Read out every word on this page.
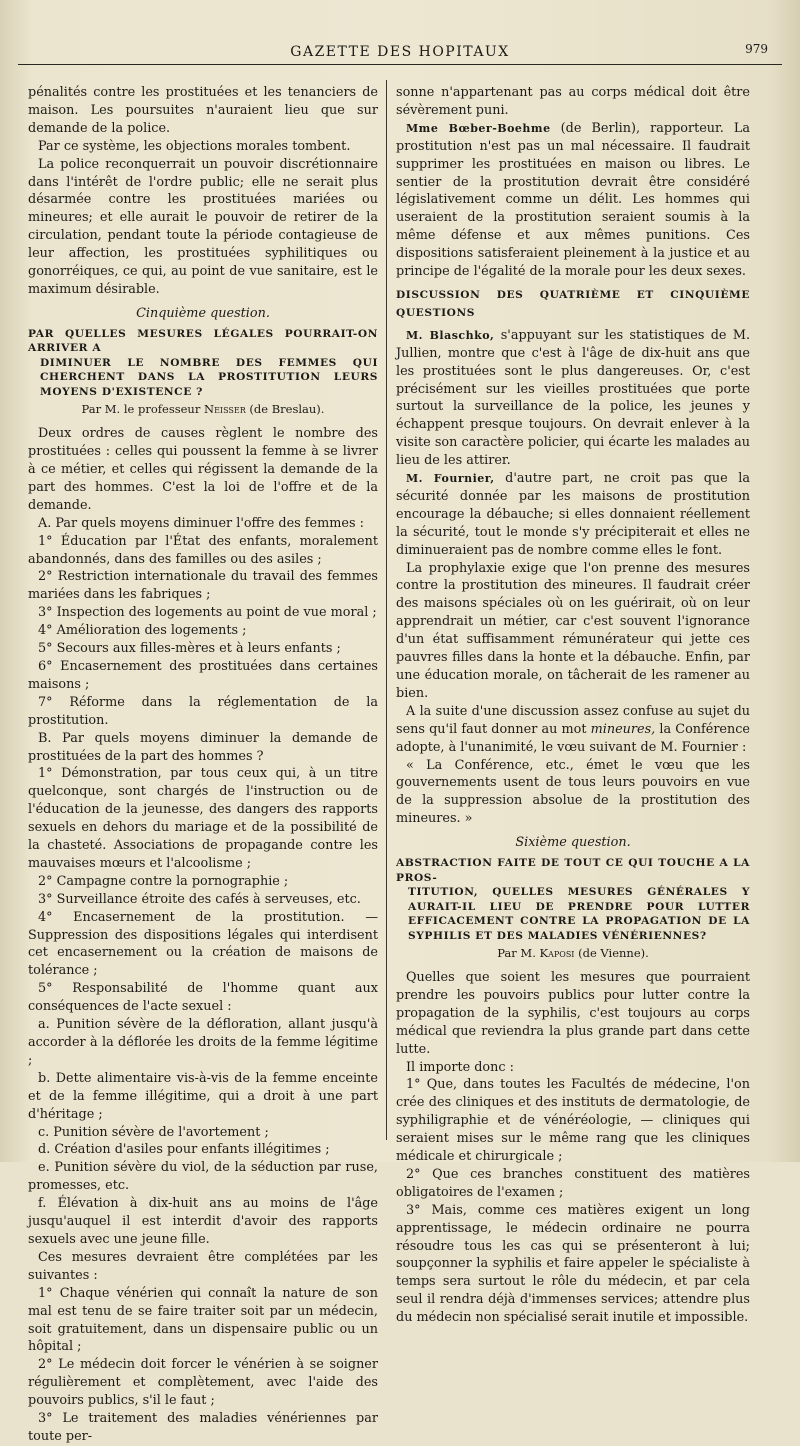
GAZETTE DES HOPITAUX	979

pénalités contre les prostituées et les tenanciers de maison. Les poursuites n'auraient lieu que sur demande de la police.

Par ce système, les objections morales tombent.

La police reconquerrait un pouvoir discrétionnaire dans l'intérêt de l'ordre public; elle ne serait plus désarmée contre les prostituées mariées ou mineures; et elle aurait le pouvoir de retirer de la circulation, pendant toute la période contagieuse de leur affection, les prostituées syphilitiques ou gonorréiques, ce qui, au point de vue sanitaire, est le maximum désirable.

Cinquième question.
PAR QUELLES MESURES LÉGALES POURRAIT-ON ARRIVER A
DIMINUER LE NOMBRE DES FEMMES QUI CHERCHENT DANS LA PROSTITUTION LEURS MOYENS D'EXISTENCE ?
Par M. le professeur Neisser (de Breslau).

Deux ordres de causes règlent le nombre des prostituées : celles qui poussent la femme à se livrer à ce métier, et celles qui régissent la demande de la part des hommes. C'est la loi de l'offre et de la demande.

A. Par quels moyens diminuer l'offre des femmes :

1° Éducation par l'État des enfants, moralement abandonnés, dans des familles ou des asiles ;

2° Restriction internationale du travail des femmes mariées dans les fabriques ;

3° Inspection des logements au point de vue moral ;

4° Amélioration des logements ;

5° Secours aux filles-mères et à leurs enfants ;

6° Encasernement des prostituées dans certaines maisons ;

7° Réforme dans la réglementation de la prostitution.

B. Par quels moyens diminuer la demande de prostituées de la part des hommes ?

1° Démonstration, par tous ceux qui, à un titre quelconque, sont chargés de l'instruction ou de l'éducation de la jeunesse, des dangers des rapports sexuels en dehors du mariage et de la possibilité de la chasteté. Associations de propagande contre les mauvaises mœurs et l'alcoolisme ;

2° Campagne contre la pornographie ;

3° Surveillance étroite des cafés à serveuses, etc.

4° Encasernement de la prostitution. — Suppression des dispositions légales qui interdisent cet encasernement ou la création de maisons de tolérance ;

5° Responsabilité de l'homme quant aux conséquences de l'acte sexuel :

a. Punition sévère de la défloration, allant jusqu'à accorder à la déflorée les droits de la femme légitime ;

b. Dette alimentaire vis-à-vis de la femme enceinte et de la femme illégitime, qui a droit à une part d'héritage ;

c. Punition sévère de l'avortement ;

d. Création d'asiles pour enfants illégitimes ;

e. Punition sévère du viol, de la séduction par ruse, promesses, etc.

f. Élévation à dix-huit ans au moins de l'âge jusqu'auquel il est interdit d'avoir des rapports sexuels avec une jeune fille.

Ces mesures devraient être complétées par les suivantes :

1° Chaque vénérien qui connaît la nature de son mal est tenu de se faire traiter soit par un médecin, soit gratuitement, dans un dispensaire public ou un hôpital ;

2° Le médecin doit forcer le vénérien à se soigner régulièrement et complètement, avec l'aide des pouvoirs publics, s'il le faut ;

3° Le traitement des maladies vénériennes par toute per-

sonne n'appartenant pas au corps médical doit être sévèrement puni.

Mme Bœber-Boehme (de Berlin), rapporteur. La prostitution n'est pas un mal nécessaire. Il faudrait supprimer les prostituées en maison ou libres. Le sentier de la prostitution devrait être considéré législativement comme un délit. Les hommes qui useraient de la prostitution seraient soumis à la même défense et aux mêmes punitions. Ces dispositions satisferaient pleinement à la justice et au principe de l'égalité de la morale pour les deux sexes.

DISCUSSION DES QUATRIÈME ET CINQUIÈME QUESTIONS

M. Blaschko, s'appuyant sur les statistiques de M. Jullien, montre que c'est à l'âge de dix-huit ans que les prostituées sont le plus dangereuses. Or, c'est précisément sur les vieilles prostituées que porte surtout la surveillance de la police, les jeunes y échappent presque toujours. On devrait enlever à la visite son caractère policier, qui écarte les malades au lieu de les attirer.

M. Fournier, d'autre part, ne croit pas que la sécurité donnée par les maisons de prostitution encourage la débauche; si elles donnaient réellement la sécurité, tout le monde s'y précipiterait et elles ne diminueraient pas de nombre comme elles le font.

La prophylaxie exige que l'on prenne des mesures contre la prostitution des mineures. Il faudrait créer des maisons spéciales où on les guérirait, où on leur apprendrait un métier, car c'est souvent l'ignorance d'un état suffisamment rémunérateur qui jette ces pauvres filles dans la honte et la débauche. Enfin, par une éducation morale, on tâcherait de les ramener au bien.

A la suite d'une discussion assez confuse au sujet du sens qu'il faut donner au mot mineures, la Conférence adopte, à l'unanimité, le vœu suivant de M. Fournier :

« La Conférence, etc., émet le vœu que les gouvernements usent de tous leurs pouvoirs en vue de la suppression absolue de la prostitution des mineures. »

Sixième question.
ABSTRACTION FAITE DE TOUT CE QUI TOUCHE A LA PROS-
TITUTION, QUELLES MESURES GÉNÉRALES Y AURAIT-IL LIEU DE PRENDRE POUR LUTTER EFFICACEMENT CONTRE LA PROPAGATION DE LA SYPHILIS ET DES MALADIES VÉNÉRIENNES?
Par M. Kaposi (de Vienne).

Quelles que soient les mesures que pourraient prendre les pouvoirs publics pour lutter contre la propagation de la syphilis, c'est toujours au corps médical que reviendra la plus grande part dans cette lutte.

Il importe donc :

1° Que, dans toutes les Facultés de médecine, l'on crée des cliniques et des instituts de dermatologie, de syphiligraphie et de vénéréologie, — cliniques qui seraient mises sur le même rang que les cliniques médicale et chirurgicale ;

2° Que ces branches constituent des matières obligatoires de l'examen ;

3° Mais, comme ces matières exigent un long apprentissage, le médecin ordinaire ne pourra résoudre tous les cas qui se présenteront à lui; soupçonner la syphilis et faire appeler le spécialiste à temps sera surtout le rôle du médecin, et par cela seul il rendra déjà d'immenses services; attendre plus du médecin non spécialisé serait inutile et impossible.
